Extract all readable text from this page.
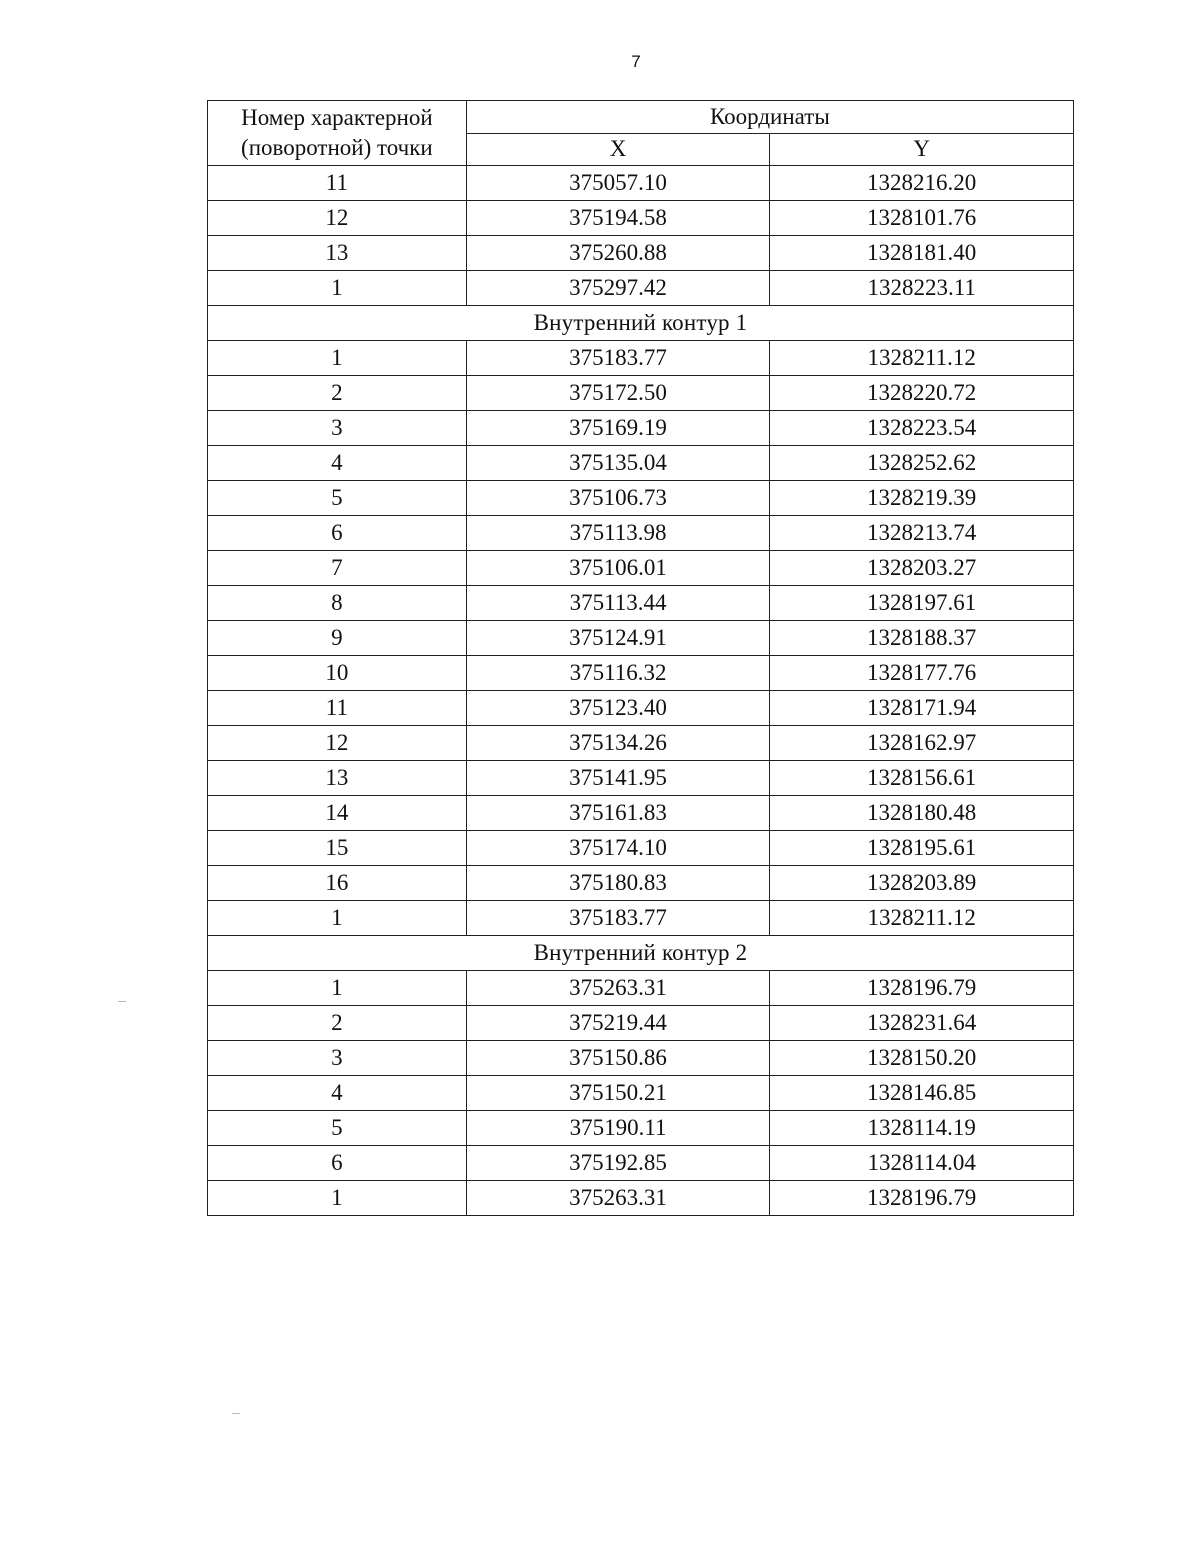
7
Номер характерной (поворотной) точки	Координаты	
	X	Y
11	375057.10	1328216.20
12	375194.58	1328101.76
13	375260.88	1328181.40
1	375297.42	1328223.11
Внутренний контур 1		
1	375183.77	1328211.12
2	375172.50	1328220.72
3	375169.19	1328223.54
4	375135.04	1328252.62
5	375106.73	1328219.39
6	375113.98	1328213.74
7	375106.01	1328203.27
8	375113.44	1328197.61
9	375124.91	1328188.37
10	375116.32	1328177.76
11	375123.40	1328171.94
12	375134.26	1328162.97
13	375141.95	1328156.61
14	375161.83	1328180.48
15	375174.10	1328195.61
16	375180.83	1328203.89
1	375183.77	1328211.12
Внутренний контур 2		
1	375263.31	1328196.79
2	375219.44	1328231.64
3	375150.86	1328150.20
4	375150.21	1328146.85
5	375190.11	1328114.19
6	375192.85	1328114.04
1	375263.31	1328196.79
